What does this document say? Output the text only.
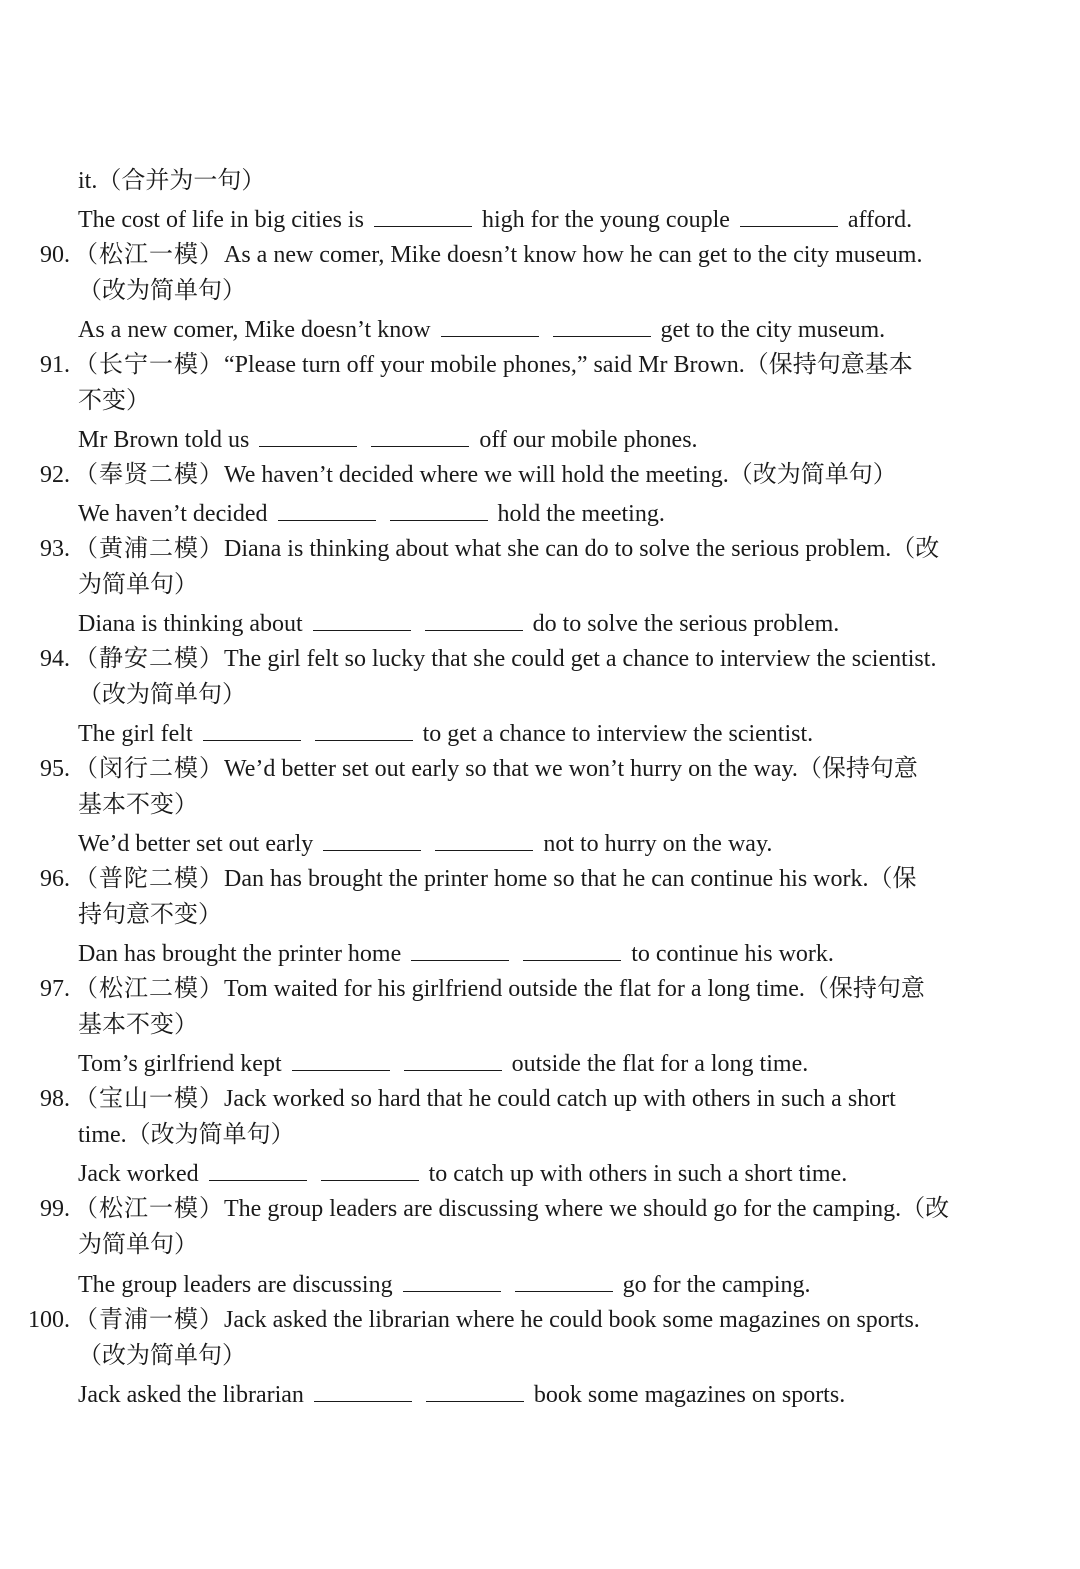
it.（合并为一句）
The cost of life in big cities is	high for the young couple	afford.
90. （松江一模）As a new comer, Mike doesn’t know how he can get to the city museum.
（改为简单句）
As a new comer, Mike doesn’t know	get to the city museum.
91. （长宁一模）“Please turn off your mobile phones,” said Mr Brown.（保持句意基本
不变）
Mr Brown told us	off our mobile phones.
92. （奉贤二模）We haven’t decided where we will hold the meeting.（改为简单句）
We haven’t decided	hold the meeting.
93. （黄浦二模）Diana is thinking about what she can do to solve the serious problem.（改
为简单句）
Diana is thinking about	do to solve the serious problem.
94. （静安二模）The girl felt so lucky that she could get a chance to interview the scientist.
（改为简单句）
The girl felt	to get a chance to interview the scientist.
95. （闵行二模）We’d better set out early so that we won’t hurry on the way.（保持句意
基本不变）
We’d better set out early	not to hurry on the way.
96. （普陀二模）Dan has brought the printer home so that he can continue his work.（保
持句意不变）
Dan has brought the printer home	to continue his work.
97. （松江二模）Tom waited for his girlfriend outside the flat for a long time.（保持句意
基本不变）
Tom’s girlfriend kept	outside the flat for a long time.
98. （宝山一模）Jack worked so hard that he could catch up with others in such a short
time.（改为简单句）
Jack worked	to catch up with others in such a short time.
99. （松江一模）The group leaders are discussing where we should go for the camping.（改
为简单句）
The group leaders are discussing	go for the camping.
100. （青浦一模）Jack asked the librarian where he could book some magazines on sports.
（改为简单句）
Jack asked the librarian	book some magazines on sports.
